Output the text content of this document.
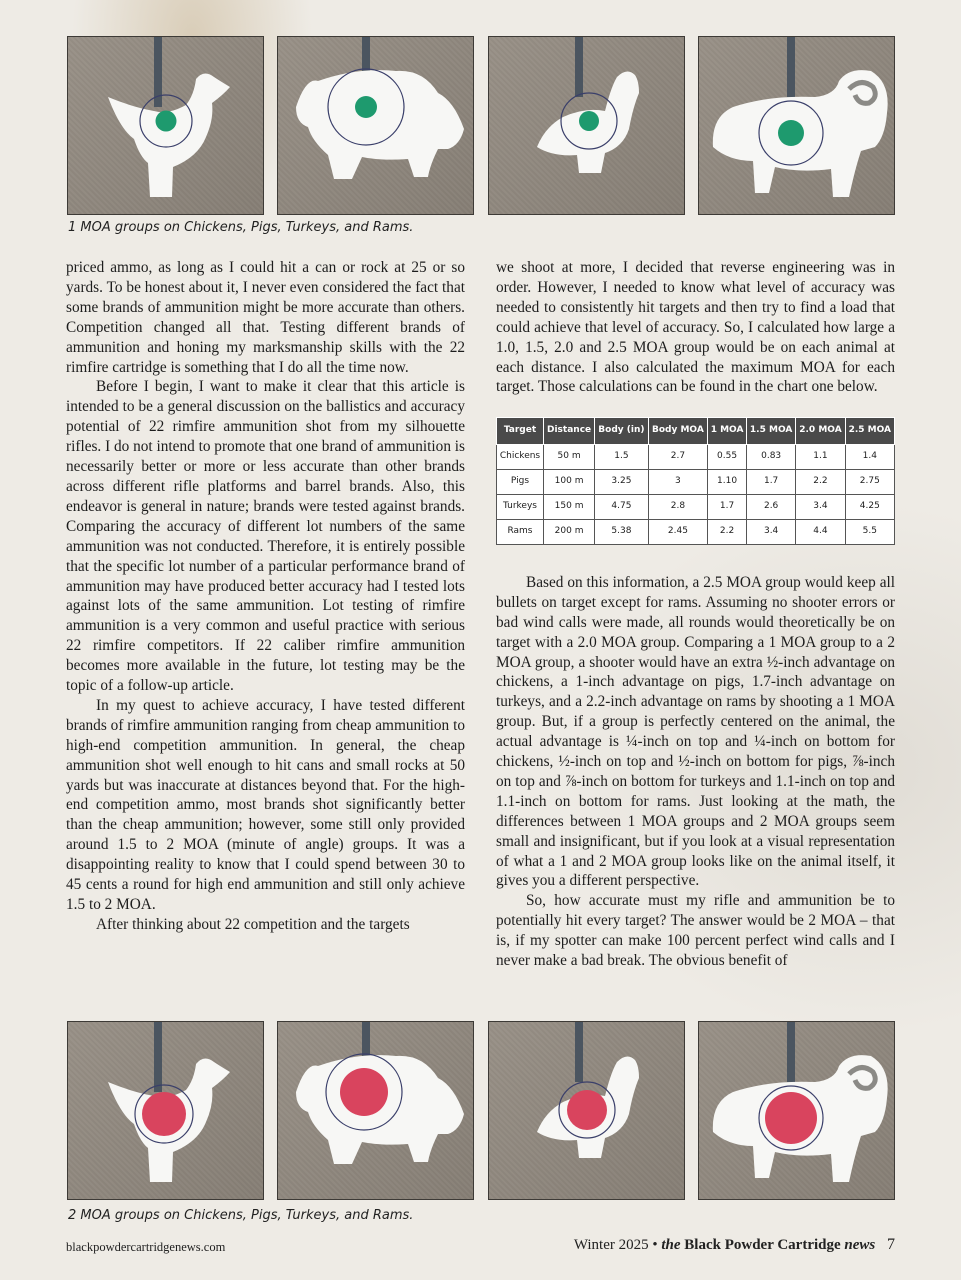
1 MOA groups on Chickens, Pigs, Turkeys, and Rams.

priced ammo, as long as I could hit a can or rock at 25 or so yards. To be honest about it, I never even considered the fact that some brands of ammunition might be more accurate than others. Competition changed all that. Testing different brands of ammunition and honing my marksmanship skills with the 22 rimfire cartridge is something that I do all the time now.

Before I begin, I want to make it clear that this article is intended to be a general discussion on the ballistics and accuracy potential of 22 rimfire ammunition shot from my silhouette rifles. I do not intend to promote that one brand of ammunition is necessarily better or more or less accurate than other brands across different rifle platforms and barrel brands. Also, this endeavor is general in nature; brands were tested against brands. Comparing the accuracy of different lot numbers of the same ammunition was not conducted. Therefore, it is entirely possible that the specific lot number of a particular performance brand of ammunition may have produced better accuracy had I tested lots against lots of the same ammunition. Lot testing of rimfire ammunition is a very common and useful practice with serious 22 rimfire competitors. If 22 caliber rimfire ammunition becomes more available in the future, lot testing may be the topic of a follow-up article.

In my quest to achieve accuracy, I have tested different brands of rimfire ammunition ranging from cheap ammunition to high-end competition ammunition. In general, the cheap ammunition shot well enough to hit cans and small rocks at 50 yards but was inaccurate at distances beyond that. For the high-end competition ammo, most brands shot significantly better than the cheap ammunition; however, some still only provided around 1.5 to 2 MOA (minute of angle) groups. It was a disappointing reality to know that I could spend between 30 to 45 cents a round for high end ammunition and still only achieve 1.5 to 2 MOA.

After thinking about 22 competition and the targets

we shoot at more, I decided that reverse engineering was in order. However, I needed to know what level of accuracy was needed to consistently hit targets and then try to find a load that could achieve that level of accuracy. So, I calculated how large a 1.0, 1.5, 2.0 and 2.5 MOA group would be on each animal at each distance. I also calculated the maximum MOA for each target. Those calculations can be found in the chart one below.

Target	Distance	Body (in)	Body MOA	1 MOA	1.5 MOA	2.0 MOA	2.5 MOA
Chickens	50 m	1.5	2.7	0.55	0.83	1.1	1.4
Pigs	100 m	3.25	3	1.10	1.7	2.2	2.75
Turkeys	150 m	4.75	2.8	1.7	2.6	3.4	4.25
Rams	200 m	5.38	2.45	2.2	3.4	4.4	5.5

Based on this information, a 2.5 MOA group would keep all bullets on target except for rams. Assuming no shooter errors or bad wind calls were made, all rounds would theoretically be on target with a 2.0 MOA group. Comparing a 1 MOA group to a 2 MOA group, a shooter would have an extra ½-inch advantage on chickens, a 1-inch advantage on pigs, 1.7-inch advantage on turkeys, and a 2.2-inch advantage on rams by shooting a 1 MOA group. But, if a group is perfectly centered on the animal, the actual advantage is ¼-inch on top and ¼-inch on bottom for chickens, ½-inch on top and ½-inch on bottom for pigs, ⅞-inch on top and ⅞-inch on bottom for turkeys and 1.1-inch on top and 1.1-inch on bottom for rams. Just looking at the math, the differences between 1 MOA groups and 2 MOA groups seem small and insignificant, but if you look at a visual representation of what a 1 and 2 MOA group looks like on the animal itself, it gives you a different perspective.

So, how accurate must my rifle and ammunition be to potentially hit every target? The answer would be 2 MOA – that is, if my spotter can make 100 percent perfect wind calls and I never make a bad break. The obvious benefit of

2 MOA groups on Chickens, Pigs, Turkeys, and Rams.
blackpowdercartridgenews.com	Winter 2025 • the Black Powder Cartridge news 7
